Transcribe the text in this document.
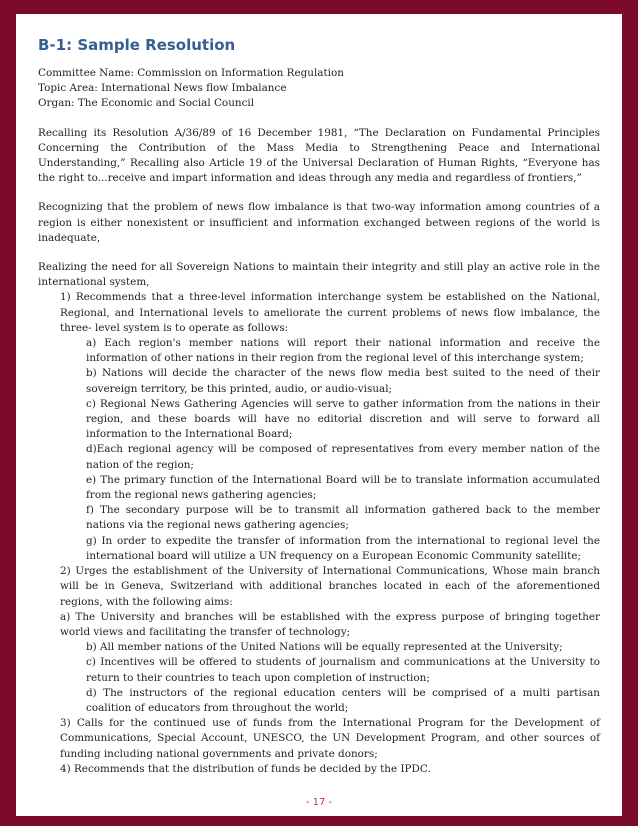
B-1: Sample Resolution

Committee Name: Commission on Information Regulation

Topic Area: International News flow Imbalance

Organ: The Economic and Social Council

Recalling its Resolution A/36/89 of 16 December 1981, “The Declaration on Fundamental Principles Concerning the Contribution of the Mass Media to Strengthening Peace and International Understanding,” Recalling also Article 19 of the Universal Declaration of Human Rights, “Everyone has the right to...receive and impart information and ideas through any media and regardless of frontiers,”

Recognizing that the problem of news flow imbalance is that two-way information among countries of a region is either nonexistent or insufficient and information exchanged between regions of the world is inadequate,

Realizing the need for all Sovereign Nations to maintain their integrity and still play an active role in the international system,

1) Recommends that a three-level information interchange system be established on the National, Regional, and International levels to ameliorate the current problems of news flow imbalance, the three- level system is to operate as follows:

a) Each region's member nations will report their national information and receive the information of other nations in their region from the regional level of this interchange system;

b) Nations will decide the character of the news flow media best suited to the need of their sovereign territory, be this printed, audio, or audio-visual;

c) Regional News Gathering Agencies will serve to gather information from the nations in their region, and these boards will have no editorial discretion and will serve to forward all information to the International Board;

d)Each regional agency will be composed of representatives from every member nation of the nation of the region;

e) The primary function of the International Board will be to translate information accumulated from the regional news gathering agencies;

f) The secondary purpose will be to transmit all information gathered back to the member nations via the regional news gathering agencies;

g) In order to expedite the transfer of information from the international to regional level the international board will utilize a UN frequency on a European Economic Community satellite;

2) Urges the establishment of the University of International Communications, Whose main branch will be in Geneva, Switzerland with additional branches located in each of the aforementioned regions, with the following aims:

a) The University and branches will be established with the express purpose of bringing together world views and facilitating the transfer of technology;

b) All member nations of the United Nations will be equally represented at the University;

c) Incentives will be offered to students of journalism and communications at the University to return to their countries to teach upon completion of instruction;

d) The instructors of the regional education centers will be comprised of a multi partisan coalition of educators from throughout the world;

3) Calls for the continued use of funds from the International Program for the Development of Communications, Special Account, UNESCO, the UN Development Program, and other sources of funding including national governments and private donors;

4) Recommends that the distribution of funds be decided by the IPDC.

- 17 -
